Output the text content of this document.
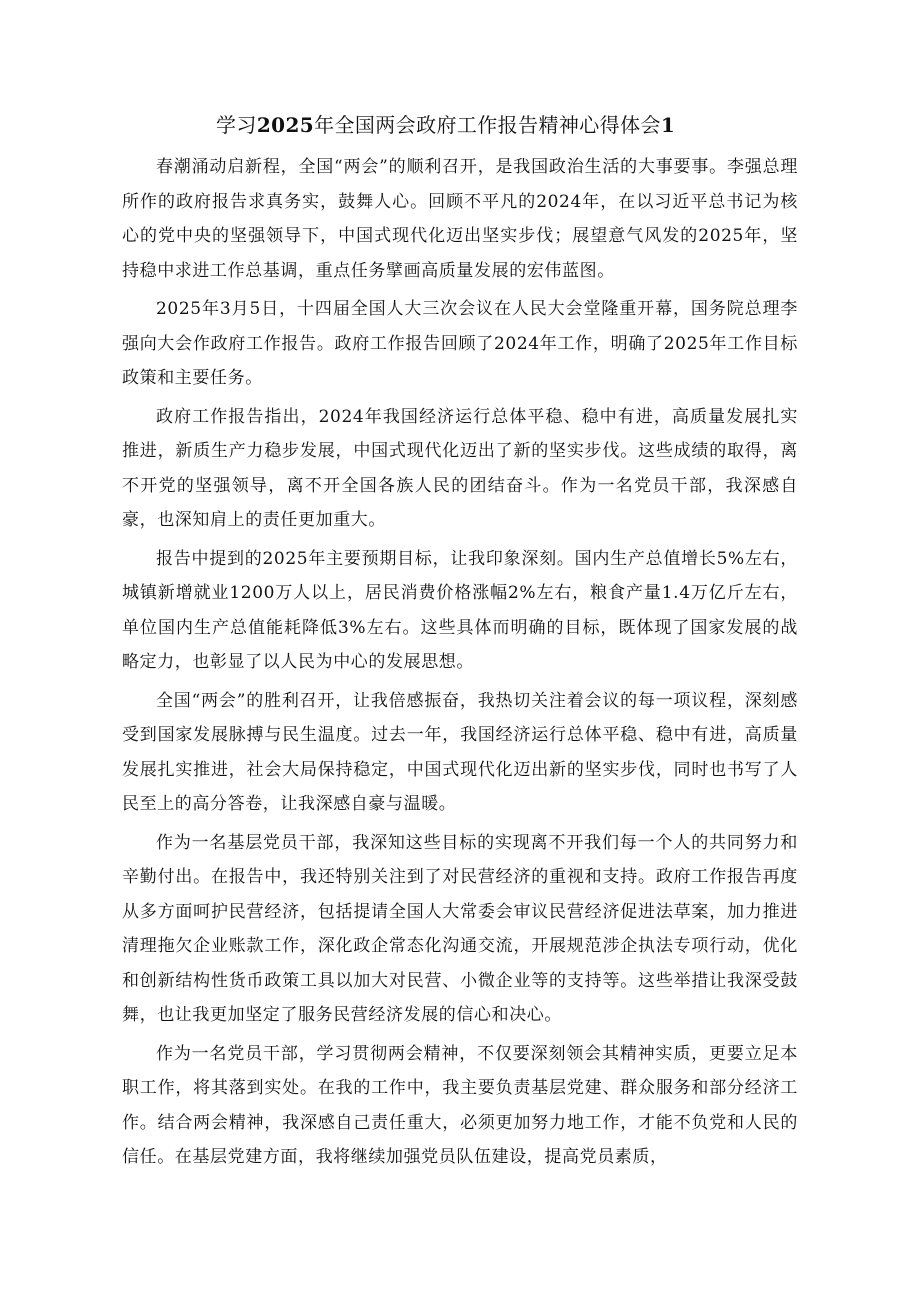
学习2025年全国两会政府工作报告精神心得体会1

春潮涌动启新程，全国“两会”的顺利召开，是我国政治生活的大事要事。李强总理所作的政府报告求真务实，鼓舞人心。回顾不平凡的2024年，在以习近平总书记为核心的党中央的坚强领导下，中国式现代化迈出坚实步伐；展望意气风发的2025年，坚持稳中求进工作总基调，重点任务擘画高质量发展的宏伟蓝图。

2025年3月5日，十四届全国人大三次会议在人民大会堂隆重开幕，国务院总理李强向大会作政府工作报告。政府工作报告回顾了2024年工作，明确了2025年工作目标政策和主要任务。

政府工作报告指出，2024年我国经济运行总体平稳、稳中有进，高质量发展扎实推进，新质生产力稳步发展，中国式现代化迈出了新的坚实步伐。这些成绩的取得，离不开党的坚强领导，离不开全国各族人民的团结奋斗。作为一名党员干部，我深感自豪，也深知肩上的责任更加重大。

报告中提到的2025年主要预期目标，让我印象深刻。国内生产总值增长5%左右，城镇新增就业1200万人以上，居民消费价格涨幅2%左右，粮食产量1.4万亿斤左右，单位国内生产总值能耗降低3%左右。这些具体而明确的目标，既体现了国家发展的战略定力，也彰显了以人民为中心的发展思想。

全国“两会”的胜利召开，让我倍感振奋，我热切关注着会议的每一项议程，深刻感受到国家发展脉搏与民生温度。过去一年，我国经济运行总体平稳、稳中有进，高质量发展扎实推进，社会大局保持稳定，中国式现代化迈出新的坚实步伐，同时也书写了人民至上的高分答卷，让我深感自豪与温暖。

作为一名基层党员干部，我深知这些目标的实现离不开我们每一个人的共同努力和辛勤付出。在报告中，我还特别关注到了对民营经济的重视和支持。政府工作报告再度从多方面呵护民营经济，包括提请全国人大常委会审议民营经济促进法草案，加力推进清理拖欠企业账款工作，深化政企常态化沟通交流，开展规范涉企执法专项行动，优化和创新结构性货币政策工具以加大对民营、小微企业等的支持等。这些举措让我深受鼓舞，也让我更加坚定了服务民营经济发展的信心和决心。

作为一名党员干部，学习贯彻两会精神，不仅要深刻领会其精神实质，更要立足本职工作，将其落到实处。在我的工作中，我主要负责基层党建、群众服务和部分经济工作。结合两会精神，我深感自己责任重大，必须更加努力地工作，才能不负党和人民的信任。在基层党建方面，我将继续加强党员队伍建设，提高党员素质，
